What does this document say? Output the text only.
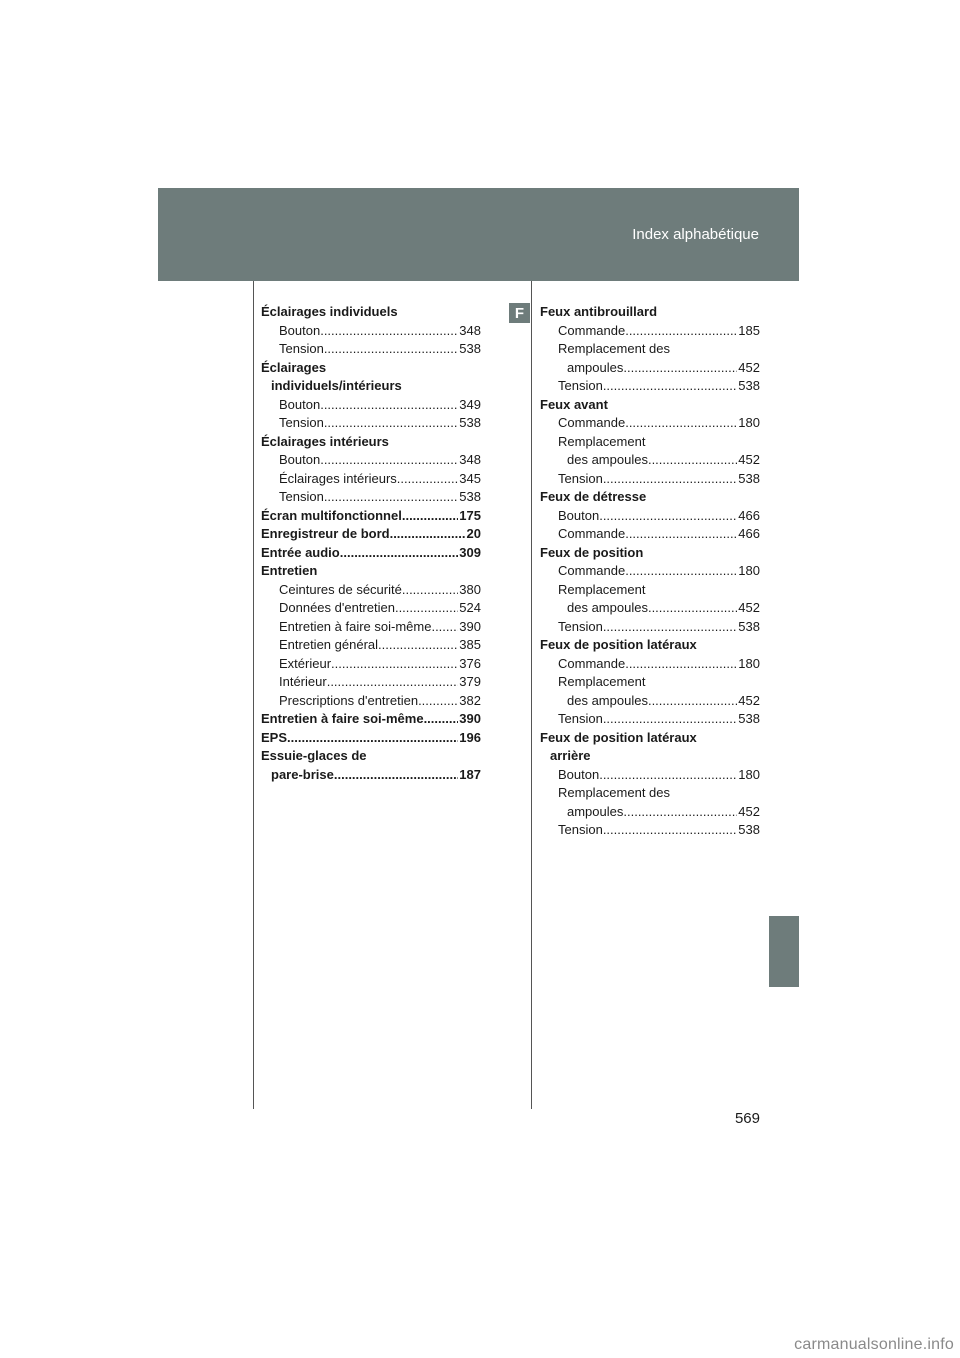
Index alphabétique
F
Éclairages individuels
Bouton .....	348
Tension .....	538
Éclairages
individuels/intérieurs
Bouton .....	349
Tension .....	538
Éclairages intérieurs
Bouton .....	348
Éclairages intérieurs .....	345
Tension .....	538
Écran multifonctionnel .....	175
Enregistreur de bord .....	20
Entrée audio .....	309
Entretien
Ceintures de sécurité .....	380
Données d'entretien .....	524
Entretien à faire soi-même ..... 390
Entretien général .....	385
Extérieur .....	376
Intérieur .....	379
Prescriptions d'entretien .....	382
Entretien à faire soi-même .....	390
EPS .....	196
Essuie-glaces de
pare-brise .....	187
Feux antibrouillard
Commande .....	185
Remplacement des
ampoules .....	452
Tension .....	538
Feux avant
Commande .....	180
Remplacement
des ampoules .....	452
Tension .....	538
Feux de détresse
Bouton .....	466
Commande .....	466
Feux de position
Commande .....	180
Remplacement
des ampoules .....	452
Tension .....	538
Feux de position latéraux
Commande .....	180
Remplacement
des ampoules .....	452
Tension .....	538
Feux de position latéraux
arrière
Bouton .....	180
Remplacement des
ampoules .....	452
Tension .....	538
569
carmanualsonline.info
